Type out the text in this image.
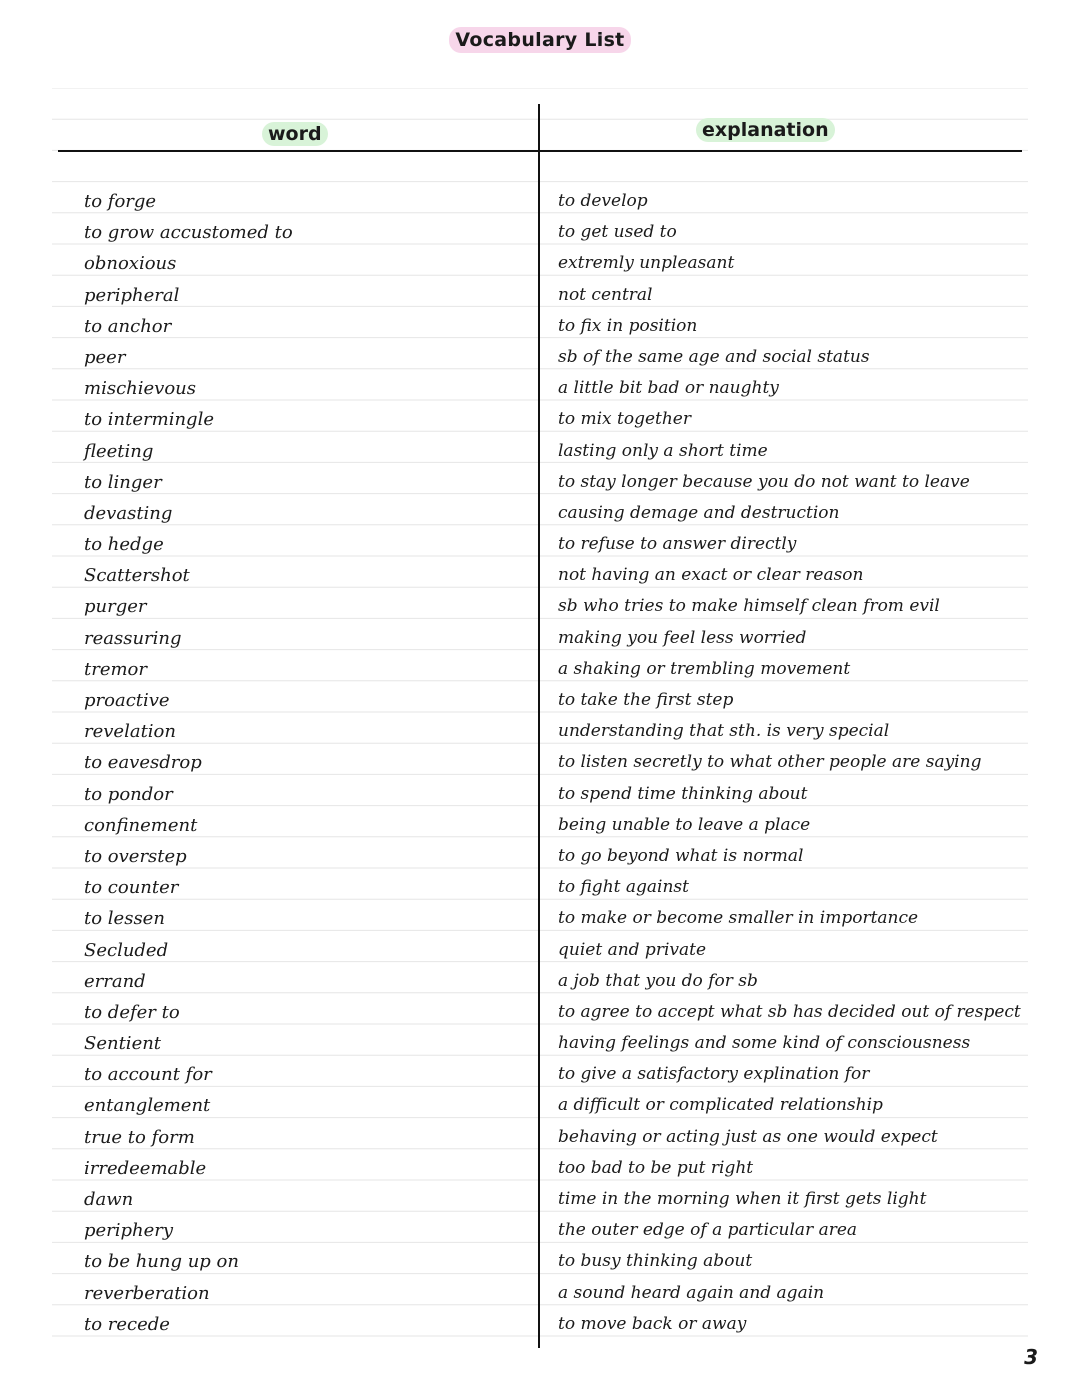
Vocabulary List
word	explanation
to forge
to grow accustomed to
obnoxious
peripheral
to anchor
peer
mischievous
to intermingle
fleeting
to linger
devasting
to hedge
Scattershot
purger
reassuring
tremor
proactive
revelation
to eavesdrop
to pondor
confinement
to overstep
to counter
to lessen
Secluded
errand
to defer to
Sentient
to account for
entanglement
true to form
irredeemable
dawn
periphery
to be hung up on
reverberation
to recede
to develop
to get used to
extremly unpleasant
not central
to fix in position
sb of the same age and social status
a little bit bad or naughty
to mix together
lasting only a short time
to stay longer because you do not want to leave
causing demage and destruction
to refuse to answer directly
not having an exact or clear reason
sb who tries to make himself clean from evil
making you feel less worried
a shaking or trembling movement
to take the first step
understanding that sth. is very special
to listen secretly to what other people are saying
to spend time thinking about
being unable to leave a place
to go beyond what is normal
to fight against
to make or become smaller in importance
quiet and private
a job that you do for sb
to agree to accept what sb has decided out of respect
having feelings and some kind of consciousness
to give a satisfactory explination for
a difficult or complicated relationship
behaving or acting just as one would expect
too bad to be put right
time in the morning when it first gets light
the outer edge of a particular area
to busy thinking about
a sound heard again and again
to move back or away
3
